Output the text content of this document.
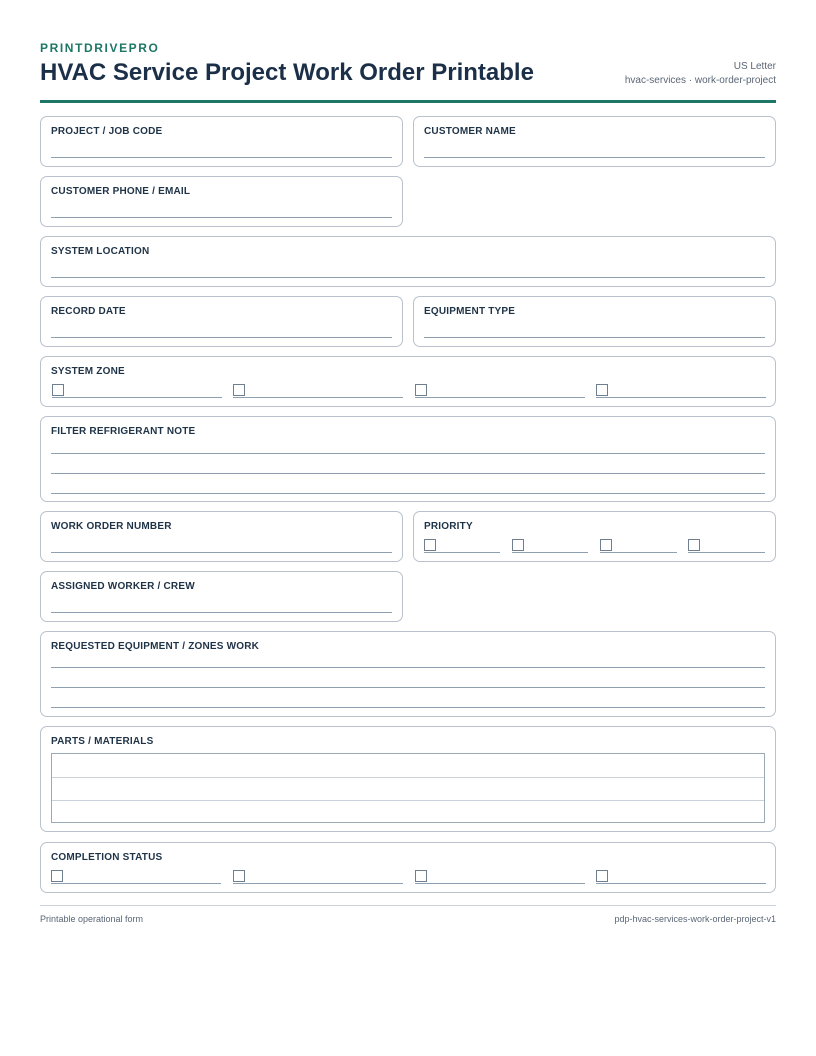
PRINTDRIVEPRO
HVAC Service Project Work Order Printable	US Letter
hvac-services · work-order-project
PROJECT / JOB CODE	CUSTOMER NAME
CUSTOMER PHONE / EMAIL
SYSTEM LOCATION
RECORD DATE	EQUIPMENT TYPE
SYSTEM ZONE
FILTER REFRIGERANT NOTE
WORK ORDER NUMBER	PRIORITY
ASSIGNED WORKER / CREW
REQUESTED EQUIPMENT / ZONES WORK
PARTS / MATERIALS
COMPLETION STATUS
Printable operational form	pdp-hvac-services-work-order-project-v1
